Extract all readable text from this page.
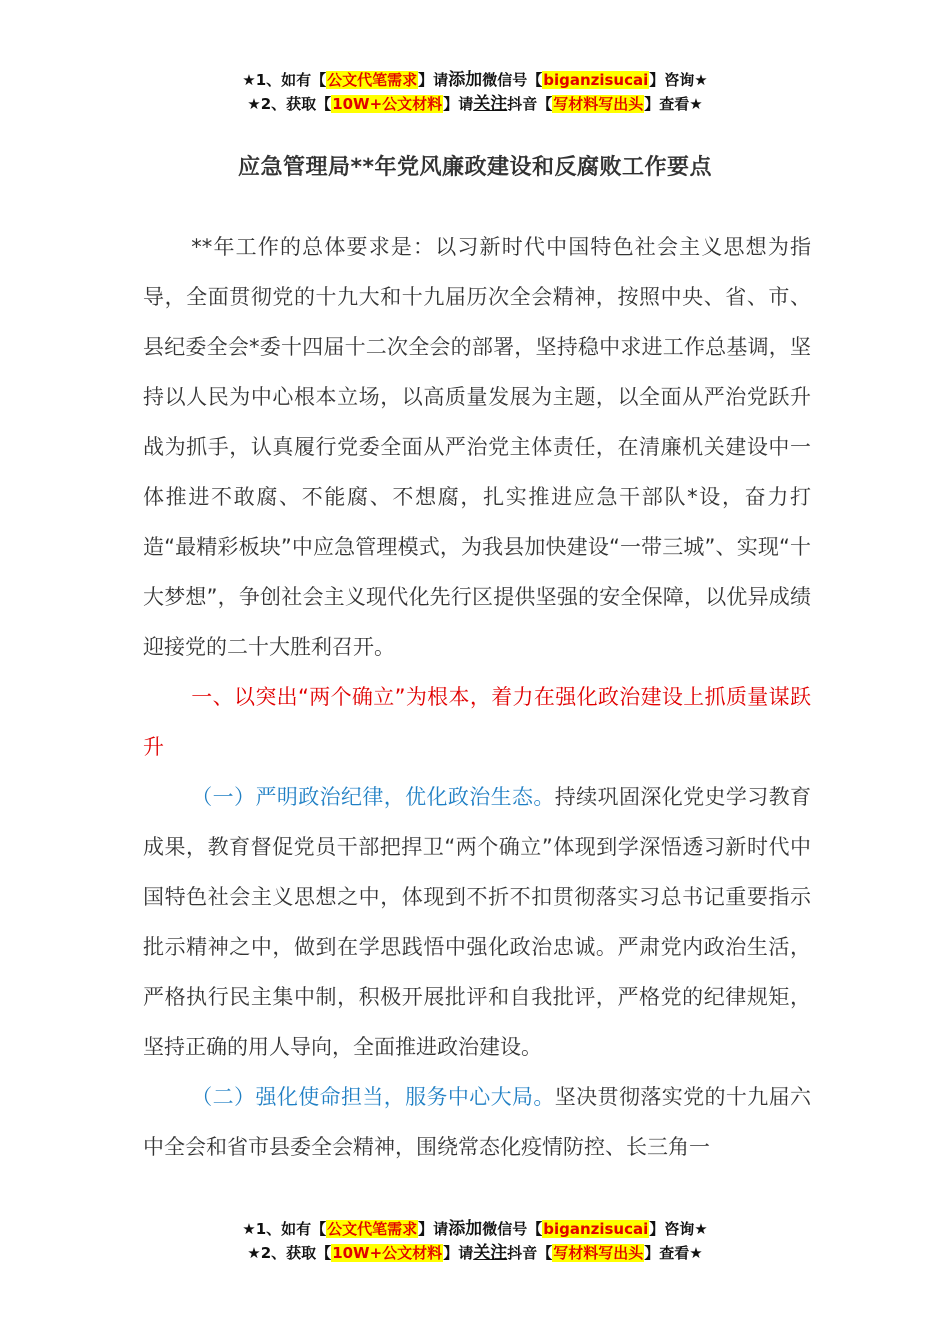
★1、如有【公文代笔需求】请添加微信号【biganzisucai】咨询★
★2、获取【10W+公文材料】请关注抖音【写材料写出头】查看★
应急管理局**年党风廉政建设和反腐败工作要点

**年工作的总体要求是：以习新时代中国特色社会主义思想为指导，全面贯彻党的十九大和十九届历次全会精神，按照中央、省、市、县纪委全会*委十四届十二次全会的部署，坚持稳中求进工作总基调，坚持以人民为中心根本立场，以高质量发展为主题，以全面从严治党跃升战为抓手，认真履行党委全面从严治党主体责任，在清廉机关建设中一体推进不敢腐、不能腐、不想腐，扎实推进应急干部队*设，奋力打造“最精彩板块”中应急管理模式，为我县加快建设“一带三城”、实现“十大梦想”，争创社会主义现代化先行区提供坚强的安全保障，以优异成绩迎接党的二十大胜利召开。

一、以突出“两个确立”为根本，着力在强化政治建设上抓质量谋跃升

（一）严明政治纪律，优化政治生态。持续巩固深化党史学习教育成果，教育督促党员干部把捍卫“两个确立”体现到学深悟透习新时代中国特色社会主义思想之中，体现到不折不扣贯彻落实习总书记重要指示批示精神之中，做到在学思践悟中强化政治忠诚。严肃党内政治生活，严格执行民主集中制，积极开展批评和自我批评，严格党的纪律规矩，坚持正确的用人导向，全面推进政治建设。

（二）强化使命担当，服务中心大局。坚决贯彻落实党的十九届六中全会和省市县委全会精神，围绕常态化疫情防控、长三角一

★1、如有【公文代笔需求】请添加微信号【biganzisucai】咨询★
★2、获取【10W+公文材料】请关注抖音【写材料写出头】查看★
